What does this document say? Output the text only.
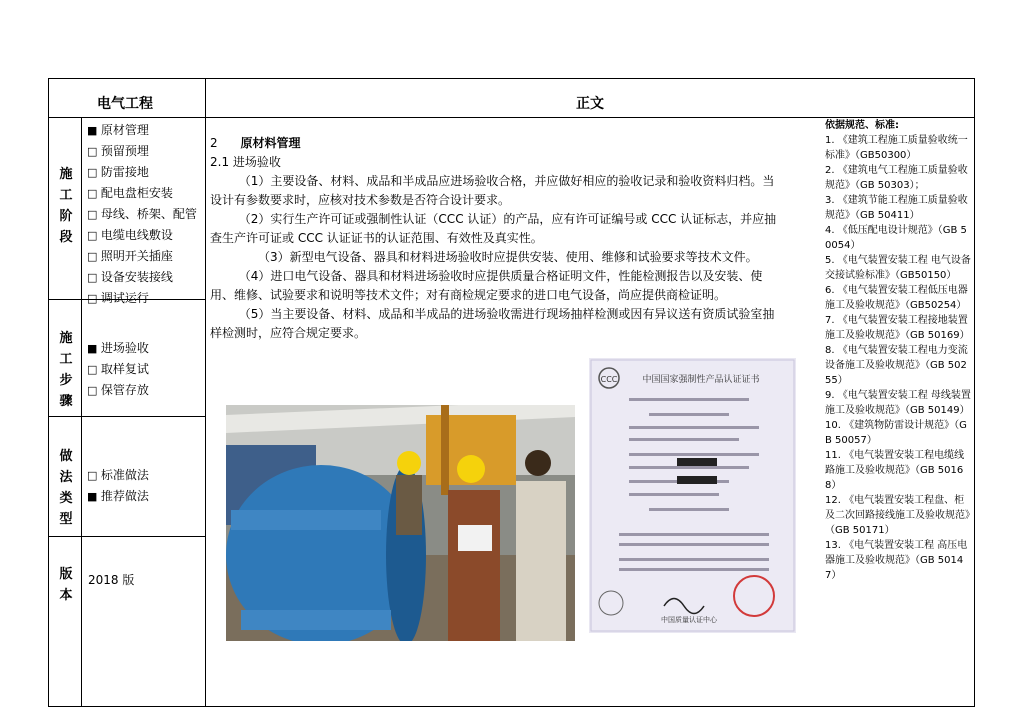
电气工程	正文
施
工
阶
段
施
工
步
骤
做
法
类
型
版
本
■ 原材管理
□ 预留预埋
□ 防雷接地
□ 配电盘柜安装
□ 母线、桥架、配管
□ 电缆电线敷设
□ 照明开关插座
□ 设备安装接线
□ 调试运行
■ 进场验收
□ 取样复试
□ 保管存放
□ 标准做法
■ 推荐做法
2018 版

2 原材料管理

2.1 进场验收

（1）主要设备、材料、成品和半成品应进场验收合格，并应做好相应的验收记录和验收资料归档。当设计有参数要求时，应核对技术参数是否符合设计要求。

（2）实行生产许可证或强制性认证（CCC 认证）的产品，应有许可证编号或 CCC 认证标志，并应抽查生产许可证或 CCC 认证证书的认证范围、有效性及真实性。

（3）新型电气设备、器具和材料进场验收时应提供安装、使用、维修和试验要求等技术文件。

（4）进口电气设备、器具和材料进场验收时应提供质量合格证明文件，性能检测报告以及安装、使用、维修、试验要求和说明等技术文件；对有商检规定要求的进口电气设备，尚应提供商检证明。

（5）当主要设备、材料、成品和半成品的进场验收需进行现场抽样检测或因有异议送有资质试验室抽样检测时，应符合规定要求。

CCC	中国国家强制性产品认证证书
中国质量认证中心
依据规范、标准:
1. 《建筑工程施工质量验收统一标准》（GB50300）
2. 《建筑电气工程施工质量验收规范》（GB 50303）；
3. 《建筑节能工程施工质量验收规范》（GB 50411）
4. 《低压配电设计规范》（GB 50054）
5. 《电气装置安装工程 电气设备交接试验标准》（GB50150）
6. 《电气装置安装工程低压电器施工及验收规范》（GB50254）
7. 《电气装置安装工程接地装置施工及验收规范》（GB 50169）
8. 《电气装置安装工程电力变流设备施工及验收规范》（GB 50255）
9. 《电气装置安装工程 母线装置施工及验收规范》（GB 50149）
10. 《建筑物防雷设计规范》（GB 50057）
11. 《电气装置安装工程电缆线路施工及验收规范》（GB 50168）
12. 《电气装置安装工程盘、柜及二次回路接线施工及验收规范》（GB 50171）
13. 《电气装置安装工程 高压电器施工及验收规范》（GB 50147）
